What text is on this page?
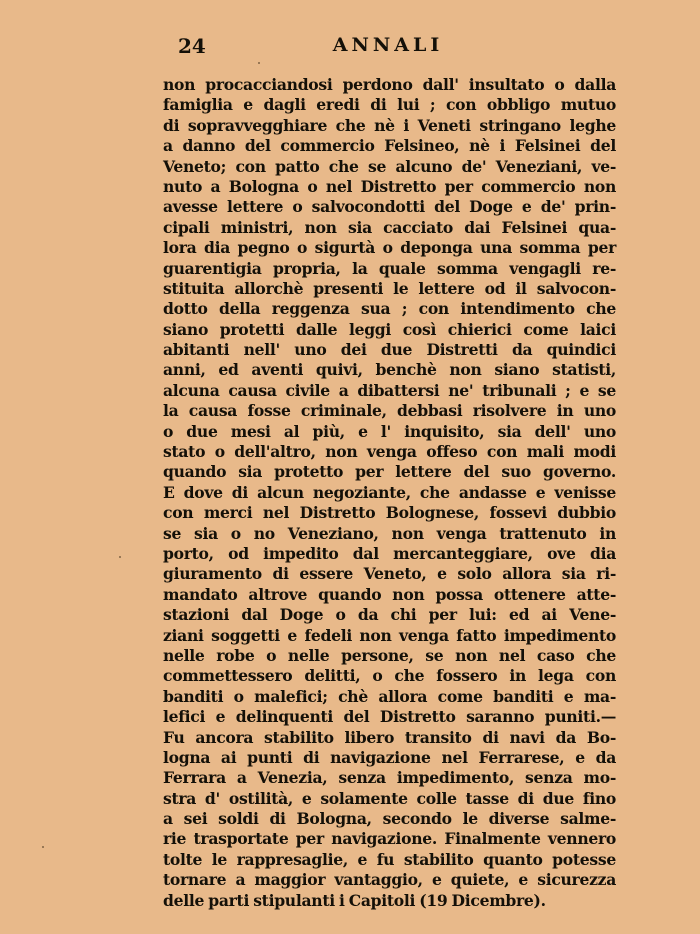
24	ANNALI
non procacciandosi perdono dall' insultato o dalla
famiglia e dagli eredi di lui ; con obbligo mutuo
di sopravvegghiare che nè i Veneti stringano leghe
a danno del commercio Felsineo, nè i Felsinei del
Veneto; con patto che se alcuno de' Veneziani, ve-
nuto a Bologna o nel Distretto per commercio non
avesse lettere o salvocondotti del Doge e de' prin-
cipali ministri, non sia cacciato dai Felsinei qua-
lora dia pegno o sigurtà o deponga una somma per
guarentigia propria, la quale somma vengagli re-
stituita allorchè presenti le lettere od il salvocon-
dotto della reggenza sua ; con intendimento che
siano protetti dalle leggi così chierici come laici
abitanti nell' uno dei due Distretti da quindici
anni, ed aventi quivi, benchè non siano statisti,
alcuna causa civile a dibattersi ne' tribunali ; e se
la causa fosse criminale, debbasi risolvere in uno
o due mesi al più, e l' inquisito, sia dell' uno
stato o dell'altro, non venga offeso con mali modi
quando sia protetto per lettere del suo governo.
E dove di alcun negoziante, che andasse e venisse
con merci nel Distretto Bolognese, fossevi dubbio
se sia o no Veneziano, non venga trattenuto in
porto, od impedito dal mercanteggiare, ove dia
giuramento di essere Veneto, e solo allora sia ri-
mandato altrove quando non possa ottenere atte-
stazioni dal Doge o da chi per lui: ed ai Vene-
ziani soggetti e fedeli non venga fatto impedimento
nelle robe o nelle persone, se non nel caso che
commettessero delitti, o che fossero in lega con
banditi o malefici; chè allora come banditi e ma-
lefici e delinquenti del Distretto saranno puniti.—
Fu ancora stabilito libero transito di navi da Bo-
logna ai punti di navigazione nel Ferrarese, e da
Ferrara a Venezia, senza impedimento, senza mo-
stra d' ostilità, e solamente colle tasse di due fino
a sei soldi di Bologna, secondo le diverse salme-
rie trasportate per navigazione. Finalmente vennero
tolte le rappresaglie, e fu stabilito quanto potesse
tornare a maggior vantaggio, e quiete, e sicurezza
delle parti stipulanti i Capitoli (19 Dicembre).
